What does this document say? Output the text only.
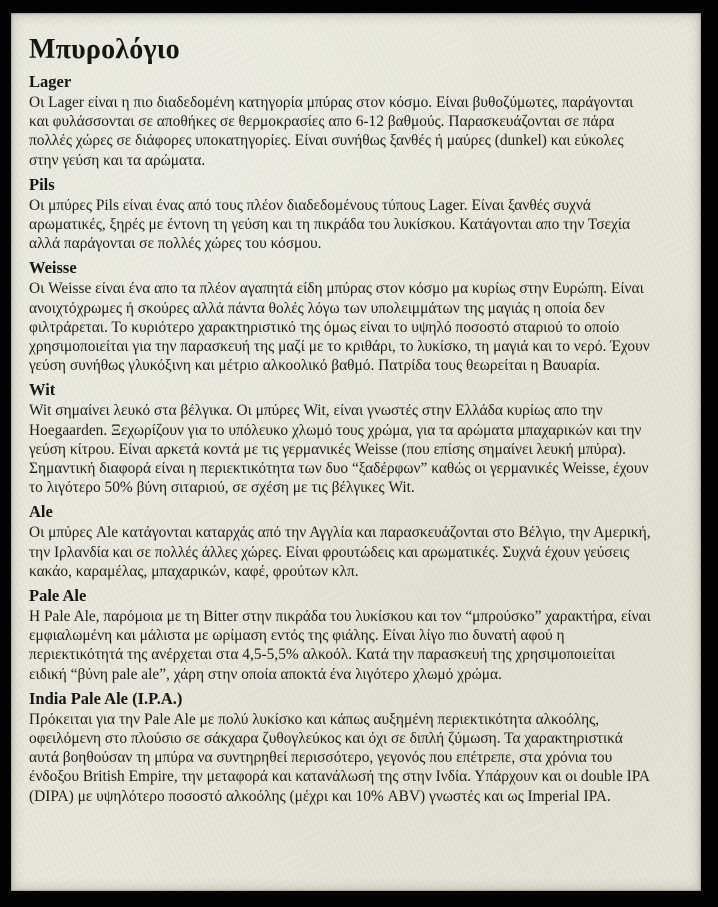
Μπυρολόγιο
Lager

Οι Lager είναι η πιο διαδεδομένη κατηγορία μπύρας στον κόσμο. Είναι βυθοζύμωτες, παράγονται και φυλάσσονται σε αποθήκες σε θερμοκρασίες απο 6-12 βαθμούς. Παρασκευάζονται σε πάρα πολλές χώρες σε διάφορες υποκατηγορίες. Είναι συνήθως ξανθές ή μαύρες (dunkel) και εύκολες στην γεύση και τα αρώματα.

Pils

Οι μπύρες Pils είναι ένας από τους πλέον διαδεδομένους τύπους Lager. Είναι ξανθές συχνά αρωματικές, ξηρές με έντονη τη γεύση και τη πικράδα του λυκίσκου. Κατάγονται απο την Τσεχία αλλά παράγονται σε πολλές χώρες του κόσμου.

Weisse

Οι Weisse είναι ένα απο τα πλέον αγαπητά είδη μπύρας στον κόσμο μα κυρίως στην Ευρώπη. Είναι ανοιχτόχρωμες ή σκούρες αλλά πάντα θολές λόγω των υπολειμμάτων της μαγιάς η οποία δεν φιλτράρεται. Το κυριότερο χαρακτηριστικό της όμως είναι το υψηλό ποσοστό σταριού το οποίο χρησιμοποιείται για την παρασκευή της μαζί με το κριθάρι, το λυκίσκο, τη μαγιά και το νερό. Έχουν γεύση συνήθως γλυκόξινη και μέτριο αλκοολικό βαθμό. Πατρίδα τους θεωρείται η Βαυαρία.

Wit

Wit σημαίνει λευκό στα βέλγικα. Οι μπύρες Wit, είναι γνωστές στην Ελλάδα κυρίως απο την Hoegaarden. Ξεχωρίζουν για το υπόλευκο χλωμό τους χρώμα, για τα αρώματα μπαχαρικών και την γεύση κίτρου. Είναι αρκετά κοντά με τις γερμανικές Weisse (που επίσης σημαίνει λευκή μπύρα). Σημαντική διαφορά είναι η περιεκτικότητα των δυο “ξαδέρφων” καθώς οι γερμανικές Weisse, έχουν το λιγότερο 50% βύνη σιταριού, σε σχέση με τις βέλγικες Wit.

Ale

Οι μπύρες Ale κατάγονται καταρχάς από την Αγγλία και παρασκευάζονται στο Βέλγιο, την Αμερική, την Ιρλανδία και σε πολλές άλλες χώρες. Είναι φρουτώδεις και αρωματικές. Συχνά έχουν γεύσεις κακάο, καραμέλας, μπαχαρικών, καφέ, φρούτων κλπ.

Pale Ale

Η Pale Ale, παρόμοια με τη Bitter στην πικράδα του λυκίσκου και τον “μπρούσκο” χαρακτήρα, είναι εμφιαλωμένη και μάλιστα με ωρίμαση εντός της φιάλης. Είναι λίγο πιο δυνατή αφού η περιεκτικότητά της ανέρχεται στα 4,5-5,5% αλκοόλ. Κατά την παρασκευή της χρησιμοποιείται ειδική “βύνη pale ale”, χάρη στην οποία αποκτά ένα λιγότερο χλωμό χρώμα.

India Pale Ale (I.P.A.)

Πρόκειται για την Pale Ale με πολύ λυκίσκο και κάπως αυξημένη περιεκτικότητα αλκοόλης, οφειλόμενη στο πλούσιο σε σάκχαρα ζυθογλεύκος και όχι σε διπλή ζύμωση. Τα χαρακτηριστικά αυτά βοηθούσαν τη μπύρα να συντηρηθεί περισσότερο, γεγονός που επέτρεπε, στα χρόνια του ένδοξου British Empire, την μεταφορά και κατανάλωσή της στην Ινδία. Υπάρχουν και οι double IPA (DIPA) με υψηλότερο ποσοστό αλκοόλης (μέχρι και 10% ABV) γνωστές και ως Imperial IPA.
